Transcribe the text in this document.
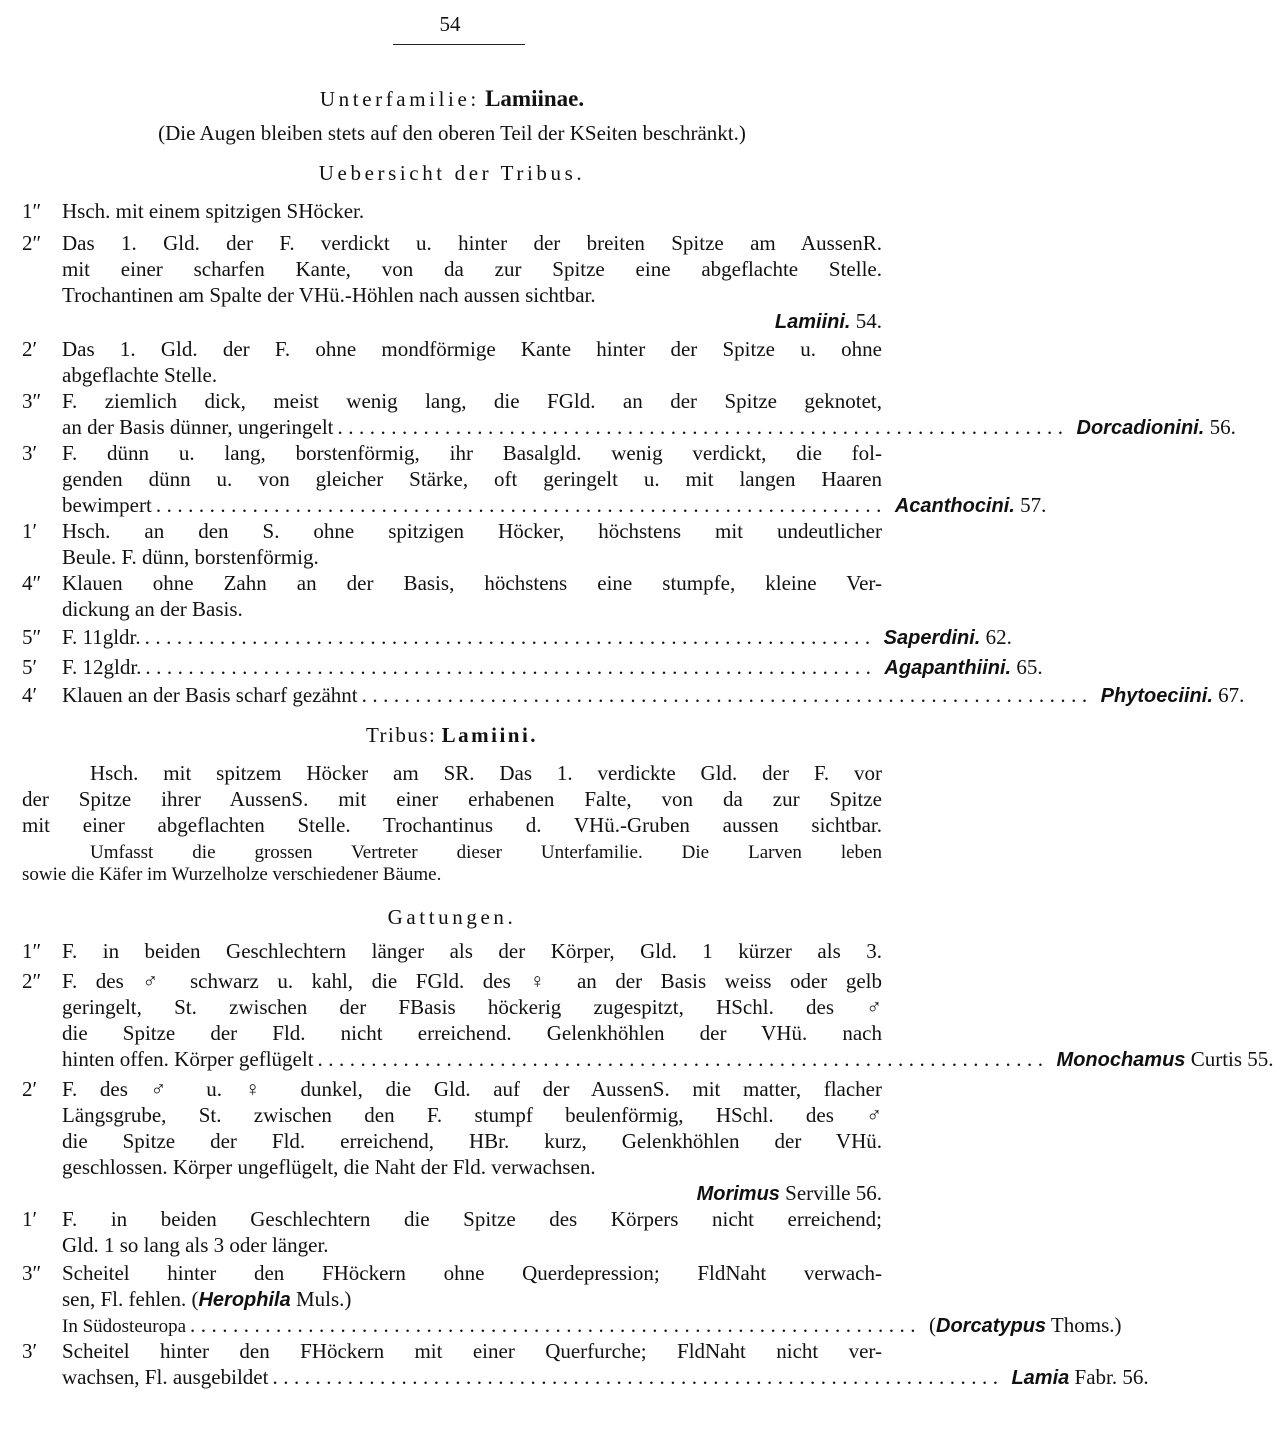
54
Unterfamilie: Lamiinae.
(Die Augen bleiben stets auf den oberen Teil der KSeiten beschränkt.)
Uebersicht der Tribus.
1″ Hsch. mit einem spitzigen SHöcker.
2″ Das 1. Gld. der F. verdickt u. hinter der breiten Spitze am AussenR.
mit einer scharfen Kante, von da zur Spitze eine abgeflachte Stelle.
Trochantinen am Spalte der VHü.-Höhlen nach aussen sichtbar.
Lamiini. 54.
2′	Das 1. Gld. der F. ohne mondförmige Kante hinter der Spitze u. ohne
abgeflachte Stelle.
3″ F. ziemlich dick, meist wenig lang, die FGld. an der Spitze geknotet,
an der Basis dünner, ungeringelt .................................................................... Dorcadionini. 56.
3′	F. dünn u. lang, borstenförmig, ihr Basalgld. wenig verdickt, die fol-
genden dünn u. von gleicher Stärke, oft geringelt u. mit langen Haaren
bewimpert .................................................................... Acanthocini. 57.
1′	Hsch. an den S. ohne spitzigen Höcker, höchstens mit undeutlicher
Beule. F. dünn, borstenförmig.
4″ Klauen ohne Zahn an der Basis, höchstens eine stumpfe, kleine Ver-
dickung an der Basis.
5″ F. 11gldr. .................................................................... Saperdini. 62.
5′	F. 12gldr. .................................................................... Agapanthiini. 65.
4′	Klauen an der Basis scharf gezähnt .................................................................... Phytoeciini. 67.
Tribus: Lamiini.
Hsch. mit spitzem Höcker am SR. Das 1. verdickte Gld. der F. vor
der Spitze ihrer AussenS. mit einer erhabenen Falte, von da zur Spitze
mit einer abgeflachten Stelle. Trochantinus d. VHü.-Gruben aussen sichtbar.
Umfasst die grossen Vertreter dieser Unterfamilie. Die Larven leben
sowie die Käfer im Wurzelholze verschiedener Bäume.
Gattungen.
1″ F. in beiden Geschlechtern länger als der Körper, Gld. 1 kürzer als 3.
2″ F. des ♂ schwarz u. kahl, die FGld. des ♀ an der Basis weiss oder gelb
geringelt, St. zwischen der FBasis höckerig zugespitzt, HSchl. des ♂
die Spitze der Fld. nicht erreichend. Gelenkhöhlen der VHü. nach
hinten offen. Körper geflügelt .................................................................... Monochamus Curtis 55.
2′	F. des ♂ u. ♀ dunkel, die Gld. auf der AussenS. mit matter, flacher
Längsgrube, St. zwischen den F. stumpf beulenförmig, HSchl. des ♂
die Spitze der Fld. erreichend, HBr. kurz, Gelenkhöhlen der VHü.
geschlossen. Körper ungeflügelt, die Naht der Fld. verwachsen.
Morimus Serville 56.
1′	F. in beiden Geschlechtern die Spitze des Körpers nicht erreichend;
Gld. 1 so lang als 3 oder länger.
3″ Scheitel hinter den FHöckern ohne Querdepression; FldNaht verwach-
sen, Fl. fehlen. (Herophila Muls.)
In Südosteuropa .................................................................... (Dorcatypus Thoms.)
3′	Scheitel hinter den FHöckern mit einer Querfurche; FldNaht nicht ver-
wachsen, Fl. ausgebildet .................................................................... Lamia Fabr. 56.
